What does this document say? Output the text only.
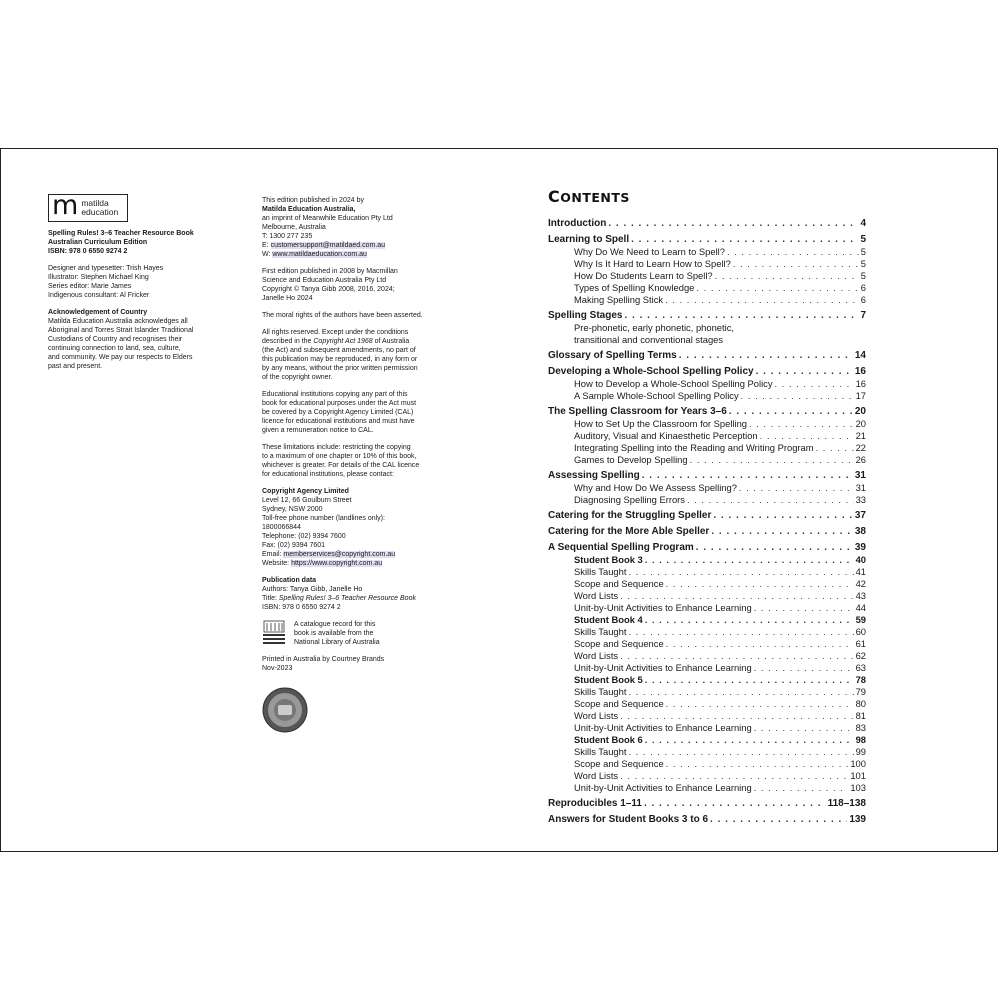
m matilda
education
Spelling Rules! 3–6 Teacher Resource Book
Australian Curriculum Edition
ISBN: 978 0 6550 9274 2
Designer and typesetter: Trish Hayes
Illustrator: Stephen Michael King
Series editor: Marie James
Indigenous consultant: Al Fricker
Acknowledgement of Country
Matilda Education Australia acknowledges all
Aboriginal and Torres Strait Islander Traditional
Custodians of Country and recognises their
continuing connection to land, sea, culture,
and community. We pay our respects to Elders
past and present.
This edition published in 2024 by
Matilda Education Australia,
an imprint of Meanwhile Education Pty Ltd
Melbourne, Australia
T: 1300 277 235
E: customersupport@matildaed.com.au
W: www.matildaeducation.com.au
First edition published in 2008 by Macmillan
Science and Education Australia Pty Ltd
Copyright © Tanya Gibb 2008, 2016, 2024;
Janelle Ho 2024
The moral rights of the authors have been asserted.
All rights reserved. Except under the conditions
described in the Copyright Act 1968 of Australia
(the Act) and subsequent amendments, no part of
this publication may be reproduced, in any form or
by any means, without the prior written permission
of the copyright owner.
Educational institutions copying any part of this
book for educational purposes under the Act must
be covered by a Copyright Agency Limited (CAL)
licence for educational institutions and must have
given a remuneration notice to CAL.
These limitations include: restricting the copying
to a maximum of one chapter or 10% of this book,
whichever is greater. For details of the CAL licence
for educational institutions, please contact:
Copyright Agency Limited
Level 12, 66 Goulburn Street
Sydney, NSW 2000
Toll-free phone number (landlines only):
1800066844
Telephone: (02) 9394 7600
Fax: (02) 9394 7601
Email: memberservices@copyright.com.au
Website: https://www.copyright.com.au
Publication data
Authors: Tanya Gibb, Janelle Ho
Title: Spelling Rules! 3–6 Teacher Resource Book
ISBN: 978 0 6550 9274 2
A catalogue record for this
book is available from the
National Library of Australia
Printed in Australia by Courtney Brands
Nov-2023
CONTENTS
Introduction . . .	4
Learning to Spell . . .	5
Why Do We Need to Learn to Spell? . . .	5
Why Is It Hard to Learn How to Spell? . . .	5
How Do Students Learn to Spell? . . .	5
Types of Spelling Knowledge . . .	6
Making Spelling Stick . . .	6
Spelling Stages . . .	7
Pre-phonetic, early phonetic, phonetic,
transitional and conventional stages
Glossary of Spelling Terms . . .	14
Developing a Whole-School Spelling Policy . . .	16
How to Develop a Whole-School Spelling Policy . . .	16
A Sample Whole-School Spelling Policy . . .	17
The Spelling Classroom for Years 3–6 . . .	20
How to Set Up the Classroom for Spelling . . .	20
Auditory, Visual and Kinaesthetic Perception . . .	21
Integrating Spelling into the Reading and Writing Program . . .	22
Games to Develop Spelling . . .	26
Assessing Spelling . . .	31
Why and How Do We Assess Spelling? . . .	31
Diagnosing Spelling Errors . . .	33
Catering for the Struggling Speller . . .	37
Catering for the More Able Speller . . .	38
A Sequential Spelling Program . . .	39
Student Book 3 . . .	40
Skills Taught . . .	41
Scope and Sequence . . .	42
Word Lists . . .	43
Unit-by-Unit Activities to Enhance Learning . . .	44
Student Book 4 . . .	59
Skills Taught . . .	60
Scope and Sequence . . .	61
Word Lists . . .	62
Unit-by-Unit Activities to Enhance Learning . . .	63
Student Book 5 . . .	78
Skills Taught . . .	79
Scope and Sequence . . .	80
Word Lists . . .	81
Unit-by-Unit Activities to Enhance Learning . . .	83
Student Book 6 . . .	98
Skills Taught . . .	99
Scope and Sequence . . .	100
Word Lists . . .	101
Unit-by-Unit Activities to Enhance Learning . . .	103
Reproducibles 1–11 . . .	118–138
Answers for Student Books 3 to 6 . . .	139
